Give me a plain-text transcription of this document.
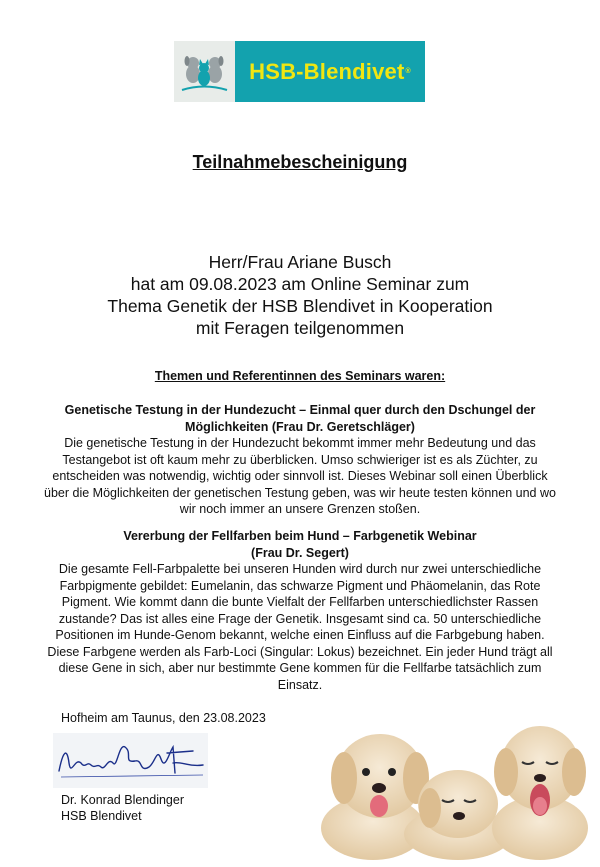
HSB-Blendivet ®
Teilnahmebescheinigung
Herr/Frau Ariane Busch
hat am 09.08.2023 am Online Seminar zum
Thema Genetik der HSB Blendivet in Kooperation
mit Feragen teilgenommen
Themen und Referentinnen des Seminars waren:
Genetische Testung in der Hundezucht – Einmal quer durch den Dschungel der
Möglichkeiten (Frau Dr. Geretschläger)
Die genetische Testung in der Hundezucht bekommt immer mehr Bedeutung und das
Testangebot ist oft kaum mehr zu überblicken. Umso schwieriger ist es als Züchter, zu
entscheiden was notwendig, wichtig oder sinnvoll ist. Dieses Webinar soll einen Überblick
über die Möglichkeiten der genetischen Testung geben, was wir heute testen können und wo
wir noch immer an unsere Grenzen stoßen.
Vererbung der Fellfarben beim Hund – Farbgenetik Webinar
(Frau Dr. Segert)
Die gesamte Fell-Farbpalette bei unseren Hunden wird durch nur zwei unterschiedliche
Farbpigmente gebildet: Eumelanin, das schwarze Pigment und Phäomelanin, das Rote
Pigment. Wie kommt dann die bunte Vielfalt der Fellfarben unterschiedlichster Rassen
zustande? Das ist alles eine Frage der Genetik. Insgesamt sind ca. 50 unterschiedliche
Positionen im Hunde-Genom bekannt, welche einen Einfluss auf die Farbgebung haben.
Diese Farbgene werden als Farb-Loci (Singular: Lokus) bezeichnet. Ein jeder Hund trägt all
diese Gene in sich, aber nur bestimmte Gene kommen für die Fellfarbe tatsächlich zum
Einsatz.
Hofheim am Taunus, den 23.08.2023
Dr. Konrad Blendinger
HSB Blendivet
